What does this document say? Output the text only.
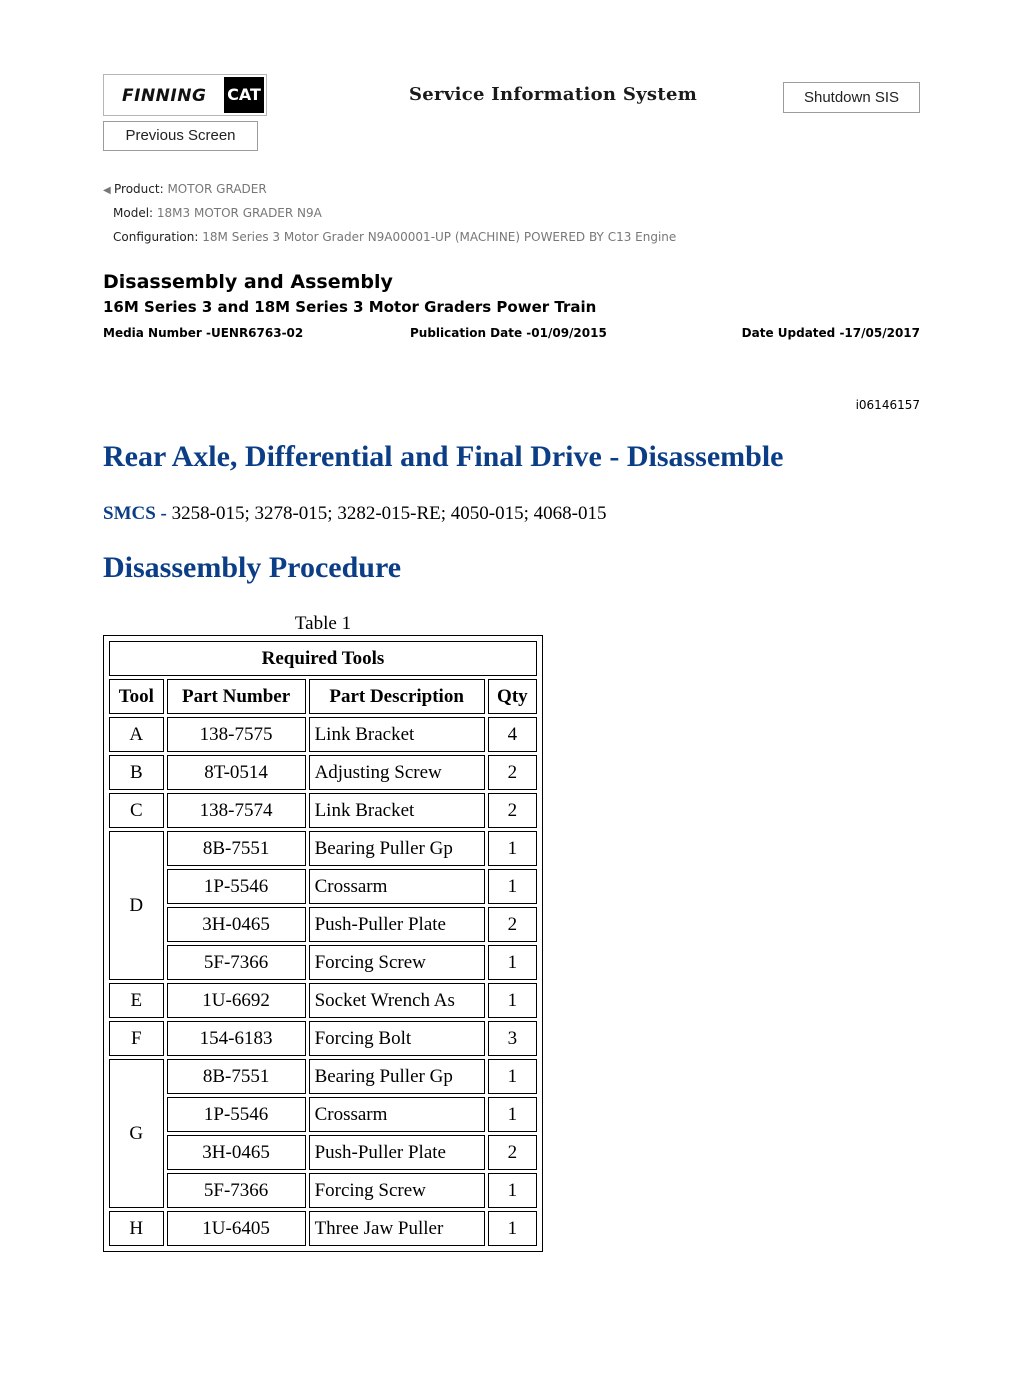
FINNING CAT	Service Information System	Shutdown SIS
Previous Screen
◀ Product: MOTOR GRADER
Model: 18M3 MOTOR GRADER N9A
Configuration: 18M Series 3 Motor Grader N9A00001-UP (MACHINE) POWERED BY C13 Engine
Disassembly and Assembly
16M Series 3 and 18M Series 3 Motor Graders Power Train
Media Number -UENR6763-02	Publication Date -01/09/2015	Date Updated -17/05/2017
i06146157
Rear Axle, Differential and Final Drive - Disassemble
SMCS - 3258-015; 3278-015; 3282-015-RE; 4050-015; 4068-015
Disassembly Procedure
Table 1
Required Tools			
Tool	Part Number	Part Description	Qty
A	138-7575	Link Bracket	4
B	8T-0514	Adjusting Screw	2
C	138-7574	Link Bracket	2
D	8B-7551	Bearing Puller Gp	1
	1P-5546	Crossarm	1
	3H-0465	Push-Puller Plate	2
	5F-7366	Forcing Screw	1
E	1U-6692	Socket Wrench As	1
F	154-6183	Forcing Bolt	3
G	8B-7551	Bearing Puller Gp	1
	1P-5546	Crossarm	1
	3H-0465	Push-Puller Plate	2
	5F-7366	Forcing Screw	1
H	1U-6405	Three Jaw Puller	1
